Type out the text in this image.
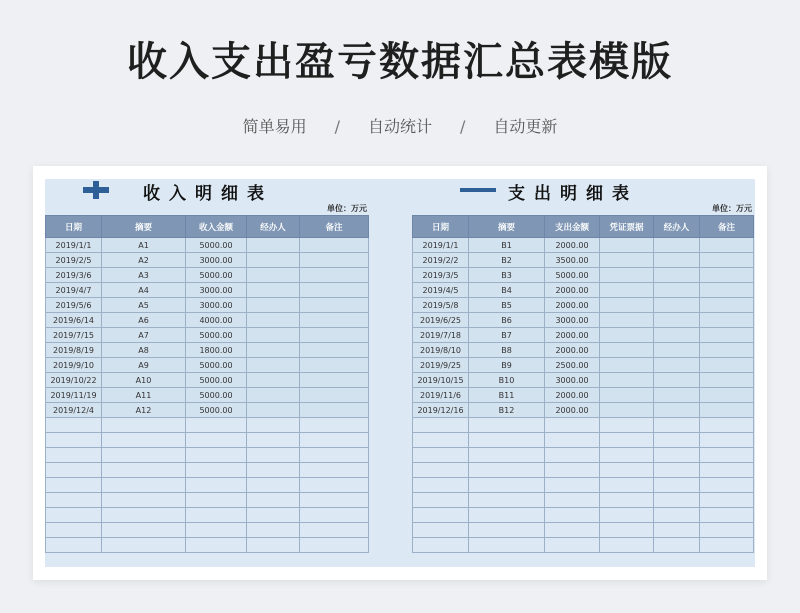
收入支出盈亏数据汇总表模版
简单易用 / 自动统计 / 自动更新
收入明细表
单位：万元
日期	摘要	收入金额	经办人	备注
2019/1/1	A1	5000.00		
2019/2/5	A2	3000.00		
2019/3/6	A3	5000.00		
2019/4/7	A4	3000.00		
2019/5/6	A5	3000.00		
2019/6/14	A6	4000.00		
2019/7/15	A7	5000.00		
2019/8/19	A8	1800.00		
2019/9/10	A9	5000.00		
2019/10/22	A10	5000.00		
2019/11/19	A11	5000.00		
2019/12/4	A12	5000.00		

支出明细表
单位：万元
日期	摘要	支出金额	凭证票据	经办人	备注
2019/1/1	B1	2000.00			
2019/2/2	B2	3500.00			
2019/3/5	B3	5000.00			
2019/4/5	B4	2000.00			
2019/5/8	B5	2000.00			
2019/6/25	B6	3000.00			
2019/7/18	B7	2000.00			
2019/8/10	B8	2000.00			
2019/9/25	B9	2500.00			
2019/10/15	B10	3000.00			
2019/11/6	B11	2000.00			
2019/12/16	B12	2000.00			
